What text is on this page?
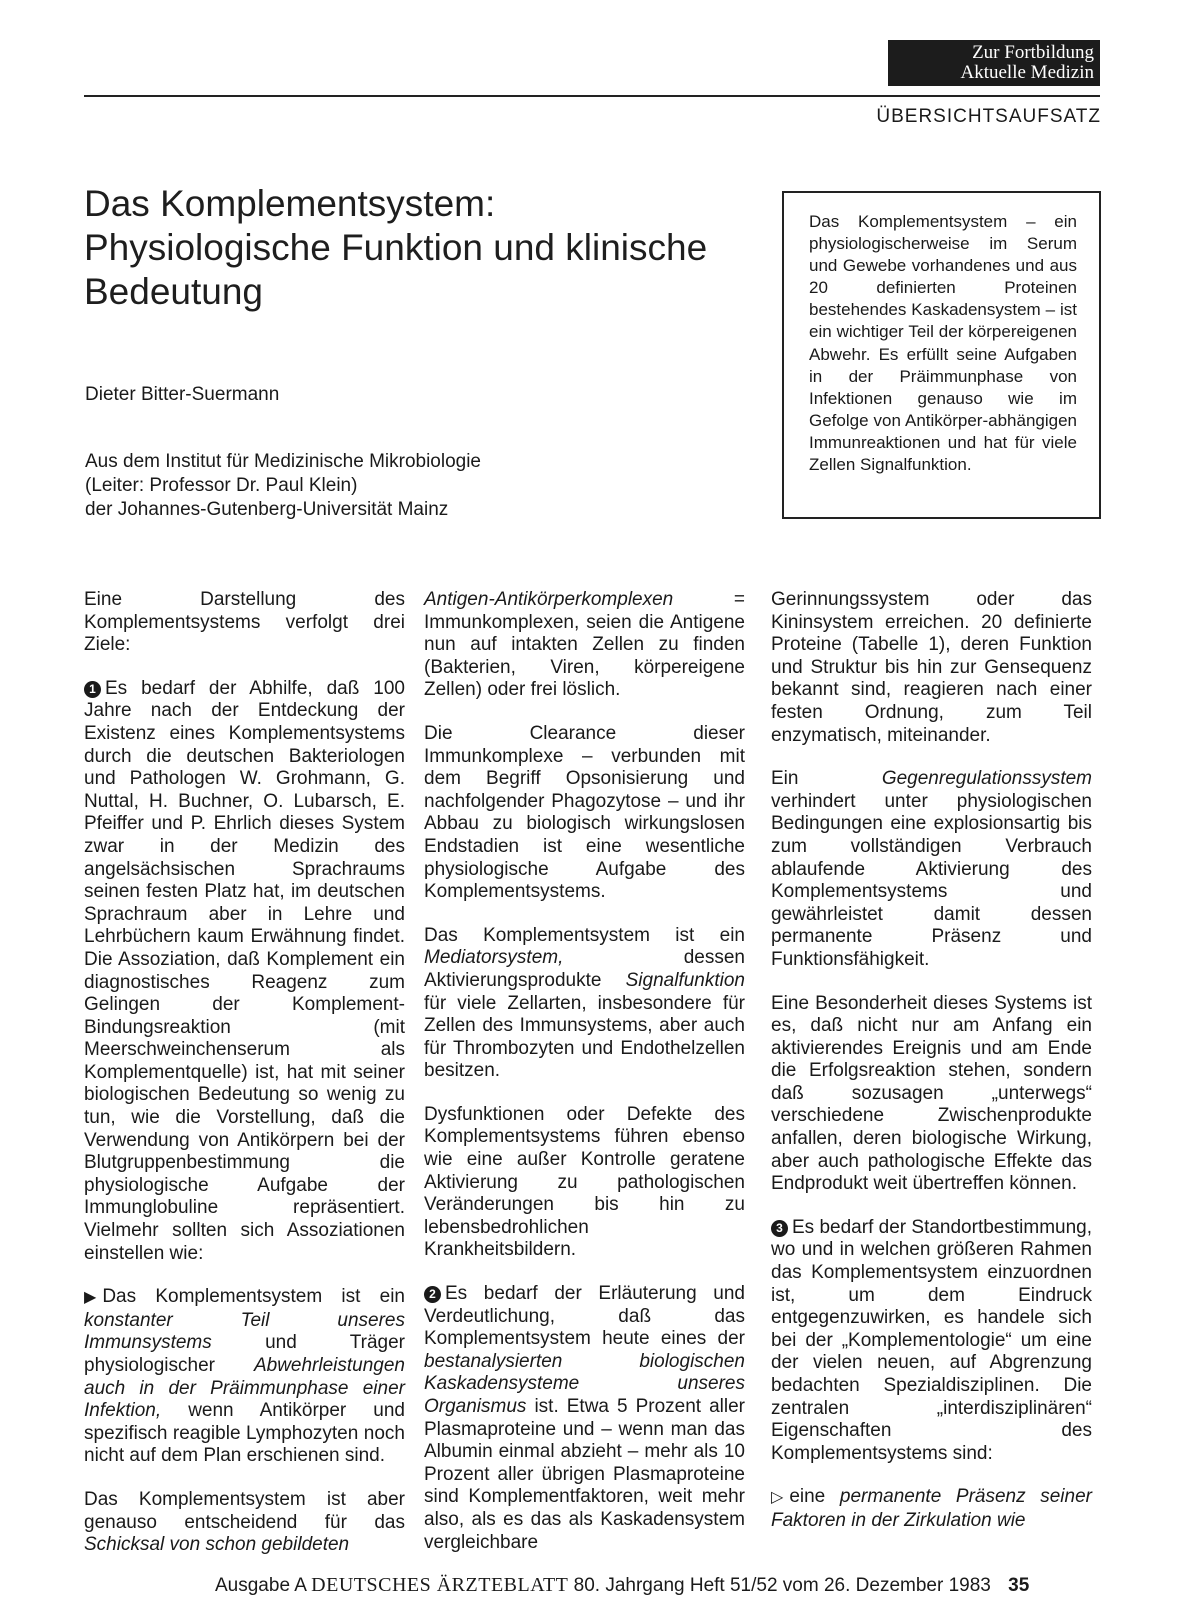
Zur Fortbildung
Aktuelle Medizin
ÜBERSICHTSAUFSATZ
Das Komplementsystem: Physiologische Funktion und klinische Bedeutung
Dieter Bitter-Suermann
Aus dem Institut für Medizinische Mikrobiologie
(Leiter: Professor Dr. Paul Klein)
der Johannes-Gutenberg-Universität Mainz
Das Komplementsystem – ein physiologischerweise im Serum und Gewebe vorhandenes und aus 20 definierten Proteinen bestehendes Kaskadensystem – ist ein wichtiger Teil der körpereigenen Abwehr. Es erfüllt seine Aufgaben in der Präimmunphase von Infektionen genauso wie im Gefolge von Antikörper-abhängigen Immunreaktionen und hat für viele Zellen Signalfunktion.

Eine Darstellung des Komplementsystems verfolgt drei Ziele:

1 Es bedarf der Abhilfe, daß 100 Jahre nach der Entdeckung der Existenz eines Komplementsystems durch die deutschen Bakteriologen und Pathologen W. Grohmann, G. Nuttal, H. Buchner, O. Lubarsch, E. Pfeiffer und P. Ehrlich dieses System zwar in der Medizin des angelsächsischen Sprachraums seinen festen Platz hat, im deutschen Sprachraum aber in Lehre und Lehrbüchern kaum Erwähnung findet. Die Assoziation, daß Komplement ein diagnostisches Reagenz zum Gelingen der Komplement-Bindungsreaktion (mit Meerschweinchenserum als Komplementquelle) ist, hat mit seiner biologischen Bedeutung so wenig zu tun, wie die Vorstellung, daß die Verwendung von Antikörpern bei der Blutgruppenbestimmung die physiologische Aufgabe der Immunglobuline repräsentiert. Vielmehr sollten sich Assoziationen einstellen wie:

▶ Das Komplementsystem ist ein konstanter Teil unseres Immunsystems	und Träger physiologischer Abwehrleistungen auch in der Präimmunphase einer Infektion, wenn Antikörper und spezifisch reagible Lymphozyten noch nicht auf dem Plan erschienen sind.

Das Komplementsystem ist aber genauso entscheidend für das Schicksal von schon gebildeten

Antigen-Antikörperkomplexen	= Immunkomplexen, seien die Antigene nun auf intakten Zellen zu finden (Bakterien, Viren, körpereigene Zellen) oder frei löslich.

Die Clearance dieser Immunkomplexe – verbunden mit dem Begriff Opsonisierung und nachfolgender Phagozytose – und ihr Abbau zu biologisch wirkungslosen Endstadien ist eine wesentliche physiologische Aufgabe des Komplementsystems.

Das Komplementsystem ist ein Mediatorsystem,	dessen Aktivierungsprodukte Signalfunktion für viele Zellarten, insbesondere für Zellen des Immunsystems, aber auch für Thrombozyten und Endothelzellen besitzen.

Dysfunktionen oder Defekte des Komplementsystems führen ebenso wie eine außer Kontrolle geratene Aktivierung zu pathologischen Veränderungen bis hin zu lebensbedrohlichen Krankheitsbildern.

2 Es bedarf der Erläuterung und Verdeutlichung, daß das Komplementsystem heute eines der bestanalysierten biologischen Kaskadensysteme unseres Organismus ist. Etwa 5 Prozent aller Plasmaproteine und – wenn man das Albumin einmal abzieht – mehr als 10 Prozent aller übrigen Plasmaproteine sind Komplementfaktoren, weit mehr also, als es das als Kaskadensystem vergleichbare

Gerinnungssystem oder das Kininsystem erreichen. 20 definierte Proteine (Tabelle 1), deren Funktion und Struktur bis hin zur Gensequenz bekannt sind, reagieren nach einer festen Ordnung, zum Teil enzymatisch, miteinander.

Ein	Gegenregulationssystem verhindert unter physiologischen Bedingungen eine explosionsartig bis zum vollständigen Verbrauch ablaufende Aktivierung des Komplementsystems und gewährleistet damit dessen permanente Präsenz und Funktionsfähigkeit.

Eine Besonderheit dieses Systems ist es, daß nicht nur am Anfang ein aktivierendes Ereignis und am Ende die Erfolgsreaktion stehen, sondern daß sozusagen „unterwegs“ verschiedene Zwischenprodukte anfallen, deren biologische Wirkung, aber auch pathologische Effekte das Endprodukt weit übertreffen können.

3 Es bedarf der Standortbestimmung, wo und in welchen größeren Rahmen das Komplementsystem einzuordnen ist, um dem Eindruck entgegenzuwirken, es handele sich bei der „Komplementologie“ um eine der vielen neuen, auf Abgrenzung bedachten Spezialdisziplinen. Die zentralen „interdisziplinären“ Eigenschaften des Komplementsystems sind:

▷ eine permanente Präsenz seiner Faktoren in der Zirkulation wie

Ausgabe A DEUTSCHES ÄRZTEBLATT 80. Jahrgang Heft 51/52 vom 26. Dezember 1983 35
